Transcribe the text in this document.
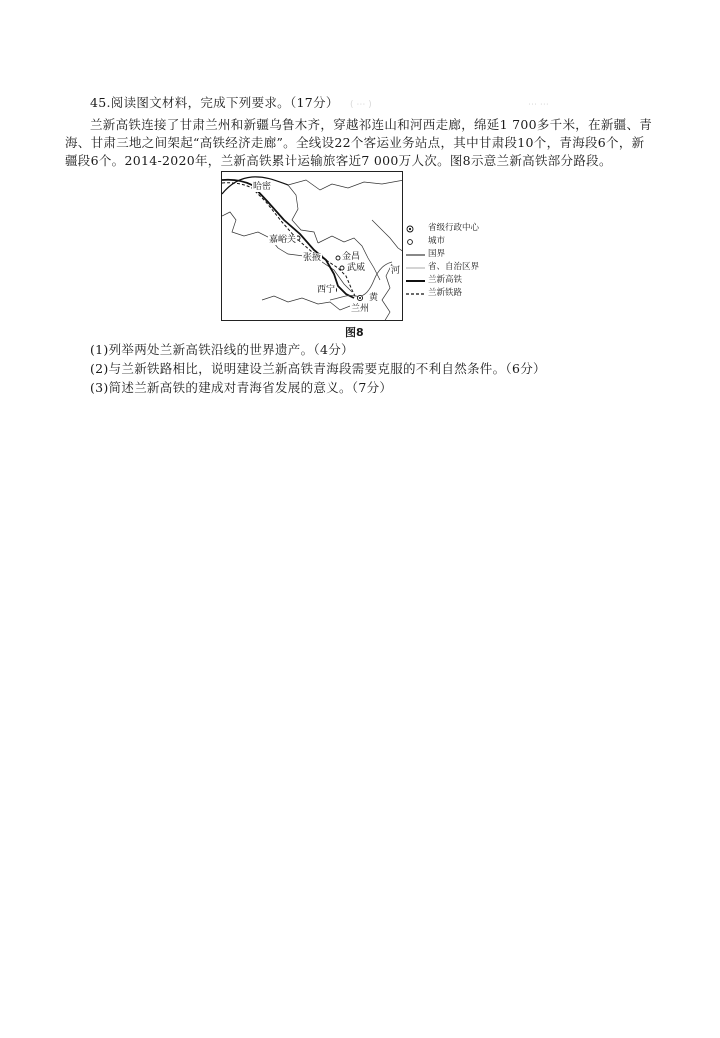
⋯ ⋯
( ⋯ )
45.阅读图文材料，完成下列要求。（17分）
兰新高铁连接了甘肃兰州和新疆乌鲁木齐，穿越祁连山和河西走廊，绵延1 700多千米，在新疆、青
海、甘肃三地之间架起“高铁经济走廊”。全线设22个客运业务站点，其中甘肃段10个，青海段6个，新
疆段6个。2014-2020年，兰新高铁累计运输旅客近7 000万人次。图8示意兰新高铁部分路段。
哈密
嘉峪关
张掖 金昌
武威
西宁
黄
兰州
河
省级行政中心
城市
国界
省、自治区界
兰新高铁
兰新铁路
图8
(1)列举两处兰新高铁沿线的世界遗产。（4分）
(2)与兰新铁路相比，说明建设兰新高铁青海段需要克服的不利自然条件。（6分）
(3)简述兰新高铁的建成对青海省发展的意义。（7分）
